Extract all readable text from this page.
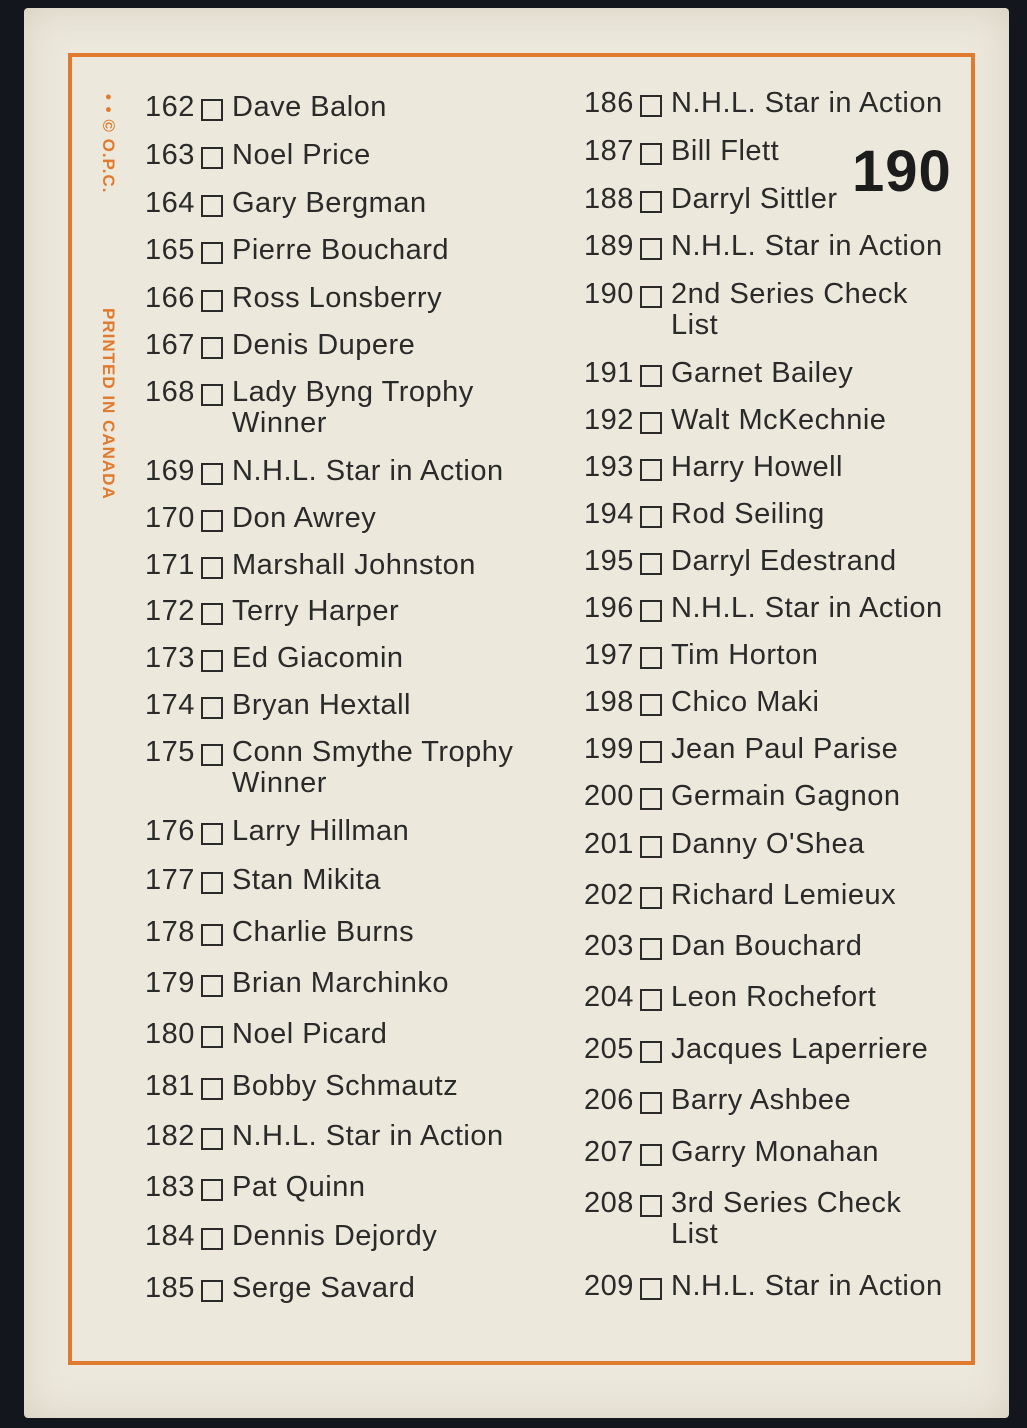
• • © O.P.C.
PRINTED IN CANADA
190
162 Dave Balon
163 Noel Price
164 Gary Bergman
165 Pierre Bouchard
166 Ross Lonsberry
167 Denis Dupere
168 Lady Byng Trophy
Winner
169 N.H.L. Star in Action
170 Don Awrey
171 Marshall Johnston
172 Terry Harper
173 Ed Giacomin
174 Bryan Hextall
175 Conn Smythe Trophy
Winner
176 Larry Hillman
177 Stan Mikita
178 Charlie Burns
179 Brian Marchinko
180 Noel Picard
181 Bobby Schmautz
182 N.H.L. Star in Action
183 Pat Quinn
184 Dennis Dejordy
185 Serge Savard
186 N.H.L. Star in Action
187 Bill Flett
188 Darryl Sittler
189 N.H.L. Star in Action
190 2nd Series Check
List
191 Garnet Bailey
192 Walt McKechnie
193 Harry Howell
194 Rod Seiling
195 Darryl Edestrand
196 N.H.L. Star in Action
197 Tim Horton
198 Chico Maki
199 Jean Paul Parise
200 Germain Gagnon
201 Danny O'Shea
202 Richard Lemieux
203 Dan Bouchard
204 Leon Rochefort
205 Jacques Laperriere
206 Barry Ashbee
207 Garry Monahan
208 3rd Series Check
List
209 N.H.L. Star in Action
